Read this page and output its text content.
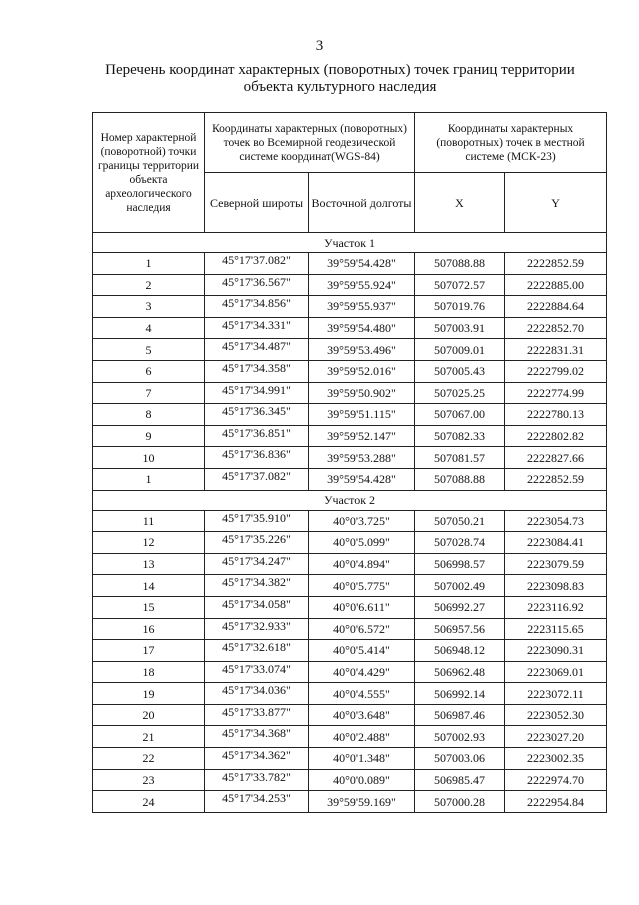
3
Перечень координат характерных (поворотных) точек границ территории
объекта культурного наследия
Номер характерной (поворотной) точки границы территории объекта археологического наследия	Координаты характерных (поворотных) точек во Всемирной геодезической системе координат(WGS-84)		Координаты характерных (поворотных) точек в местной системе (МСК-23)	
	Северной широты	Восточной долготы	X	Y
Участок 1				
1	45°17'37.082"	39°59'54.428"	507088.88	2222852.59
2	45°17'36.567"	39°59'55.924"	507072.57	2222885.00
3	45°17'34.856"	39°59'55.937"	507019.76	2222884.64
4	45°17'34.331"	39°59'54.480"	507003.91	2222852.70
5	45°17'34.487"	39°59'53.496"	507009.01	2222831.31
6	45°17'34.358"	39°59'52.016"	507005.43	2222799.02
7	45°17'34.991"	39°59'50.902"	507025.25	2222774.99
8	45°17'36.345"	39°59'51.115"	507067.00	2222780.13
9	45°17'36.851"	39°59'52.147"	507082.33	2222802.82
10	45°17'36.836"	39°59'53.288"	507081.57	2222827.66
1	45°17'37.082"	39°59'54.428"	507088.88	2222852.59
Участок 2				
11	45°17'35.910"	40°0'3.725"	507050.21	2223054.73
12	45°17'35.226"	40°0'5.099"	507028.74	2223084.41
13	45°17'34.247"	40°0'4.894"	506998.57	2223079.59
14	45°17'34.382"	40°0'5.775"	507002.49	2223098.83
15	45°17'34.058"	40°0'6.611"	506992.27	2223116.92
16	45°17'32.933"	40°0'6.572"	506957.56	2223115.65
17	45°17'32.618"	40°0'5.414"	506948.12	2223090.31
18	45°17'33.074"	40°0'4.429"	506962.48	2223069.01
19	45°17'34.036"	40°0'4.555"	506992.14	2223072.11
20	45°17'33.877"	40°0'3.648"	506987.46	2223052.30
21	45°17'34.368"	40°0'2.488"	507002.93	2223027.20
22	45°17'34.362"	40°0'1.348"	507003.06	2223002.35
23	45°17'33.782"	40°0'0.089"	506985.47	2222974.70
24	45°17'34.253"	39°59'59.169"	507000.28	2222954.84
